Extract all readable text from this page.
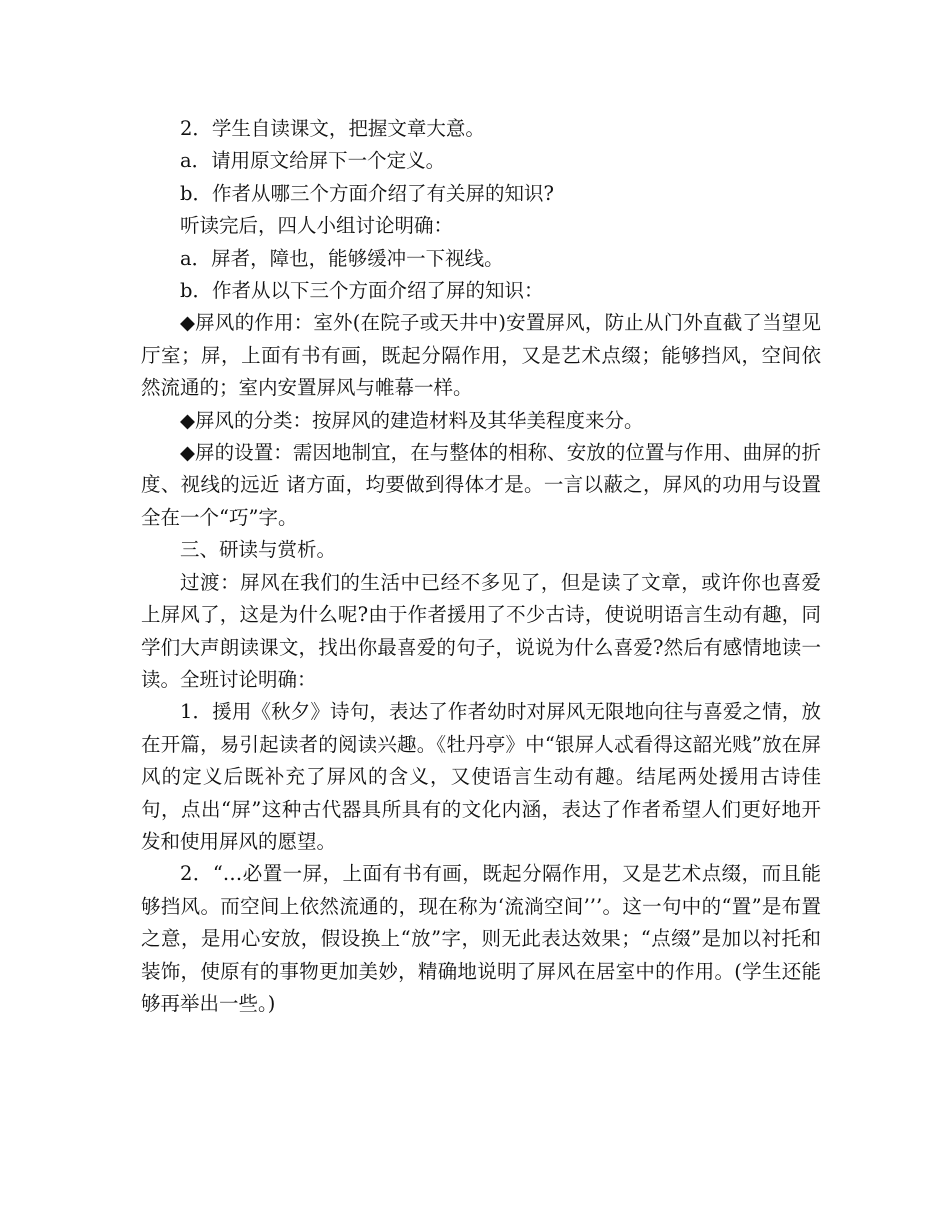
2．学生自读课文，把握文章大意。

a．请用原文给屏下一个定义。

b．作者从哪三个方面介绍了有关屏的知识?

听读完后，四人小组讨论明确：

a．屏者，障也，能够缓冲一下视线。

b．作者从以下三个方面介绍了屏的知识：

◆屏风的作用：室外(在院子或天井中)安置屏风，防止从门外直截了当望见厅室；屏，上面有书有画，既起分隔作用，又是艺术点缀；能够挡风，空间依然流通的；室内安置屏风与帷幕一样。

◆屏风的分类：按屏风的建造材料及其华美程度来分。

◆屏的设置：需因地制宜，在与整体的相称、安放的位置与作用、曲屏的折度、视线的远近 诸方面，均要做到得体才是。一言以蔽之，屏风的功用与设置全在一个“巧”字。

三、研读与赏析。

过渡：屏风在我们的生活中已经不多见了，但是读了文章，或许你也喜爱上屏风了，这是为什么呢?由于作者援用了不少古诗，使说明语言生动有趣，同学们大声朗读课文，找出你最喜爱的句子，说说为什么喜爱?然后有感情地读一读。全班讨论明确：

1．援用《秋夕》诗句，表达了作者幼时对屏风无限地向往与喜爱之情，放在开篇，易引起读者的阅读兴趣。《牡丹亭》中“银屏人忒看得这韶光贱”放在屏风的定义后既补充了屏风的含义，又使语言生动有趣。结尾两处援用古诗佳句，点出“屏”这种古代器具所具有的文化内涵，表达了作者希望人们更好地开发和使用屏风的愿望。

2．“…必置一屏，上面有书有画，既起分隔作用，又是艺术点缀，而且能够挡风。而空间上依然流通的，现在称为‘流淌空间’’’。这一句中的“置”是布置之意，是用心安放，假设换上“放”字，则无此表达效果；“点缀”是加以衬托和装饰，使原有的事物更加美妙，精确地说明了屏风在居室中的作用。(学生还能够再举出一些。)
